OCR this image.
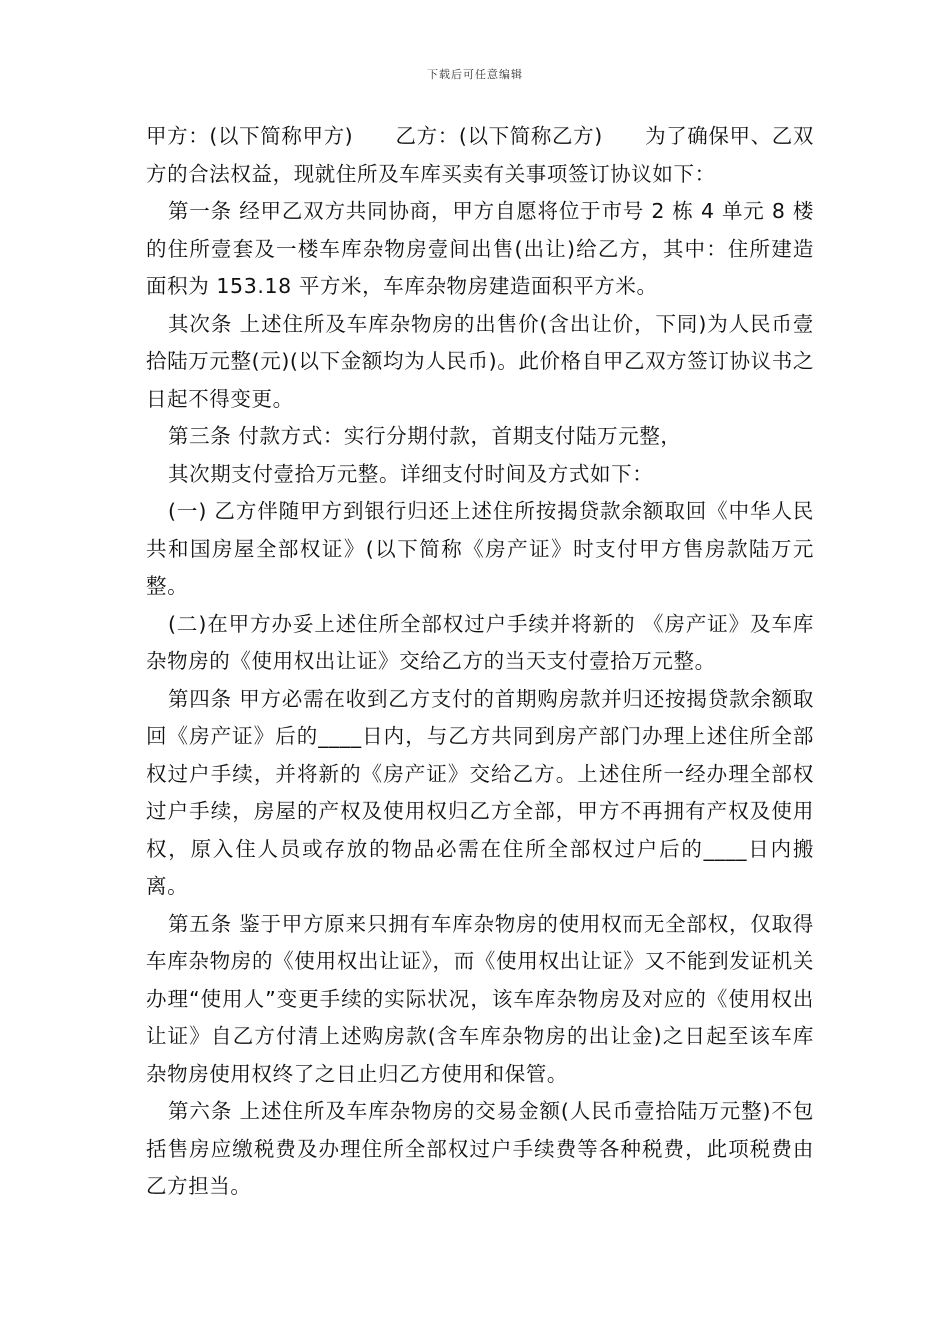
下载后可任意编辑

甲方：(以下简称甲方)　　乙方：(以下简称乙方)　　为了确保甲、乙双方的合法权益，现就住所及车库买卖有关事项签订协议如下：

第一条 经甲乙双方共同协商，甲方自愿将位于市号 2 栋 4 单元 8 楼的住所壹套及一楼车库杂物房壹间出售(出让)给乙方，其中：住所建造面积为 153.18 平方米，车库杂物房建造面积平方米。

其次条 上述住所及车库杂物房的出售价(含出让价，下同)为人民币壹拾陆万元整(元)(以下金额均为人民币)。此价格自甲乙双方签订协议书之日起不得变更。

第三条 付款方式：实行分期付款，首期支付陆万元整，

其次期支付壹拾万元整。详细支付时间及方式如下：

(一) 乙方伴随甲方到银行归还上述住所按揭贷款余额取回《中华人民共和国房屋全部权证》(以下简称《房产证》时支付甲方售房款陆万元整。

(二)在甲方办妥上述住所全部权过户手续并将新的 《房产证》及车库杂物房的《使用权出让证》交给乙方的当天支付壹拾万元整。

第四条 甲方必需在收到乙方支付的首期购房款并归还按揭贷款余额取回《房产证》后的____日内，与乙方共同到房产部门办理上述住所全部权过户手续，并将新的《房产证》交给乙方。上述住所一经办理全部权过户手续，房屋的产权及使用权归乙方全部，甲方不再拥有产权及使用权，原入住人员或存放的物品必需在住所全部权过户后的____日内搬离。

第五条 鉴于甲方原来只拥有车库杂物房的使用权而无全部权，仅取得车库杂物房的《使用权出让证》，而《使用权出让证》又不能到发证机关办理“使用人”变更手续的实际状况，该车库杂物房及对应的《使用权出让证》自乙方付清上述购房款(含车库杂物房的出让金)之日起至该车库杂物房使用权终了之日止归乙方使用和保管。

第六条 上述住所及车库杂物房的交易金额(人民币壹拾陆万元整)不包括售房应缴税费及办理住所全部权过户手续费等各种税费，此项税费由乙方担当。
